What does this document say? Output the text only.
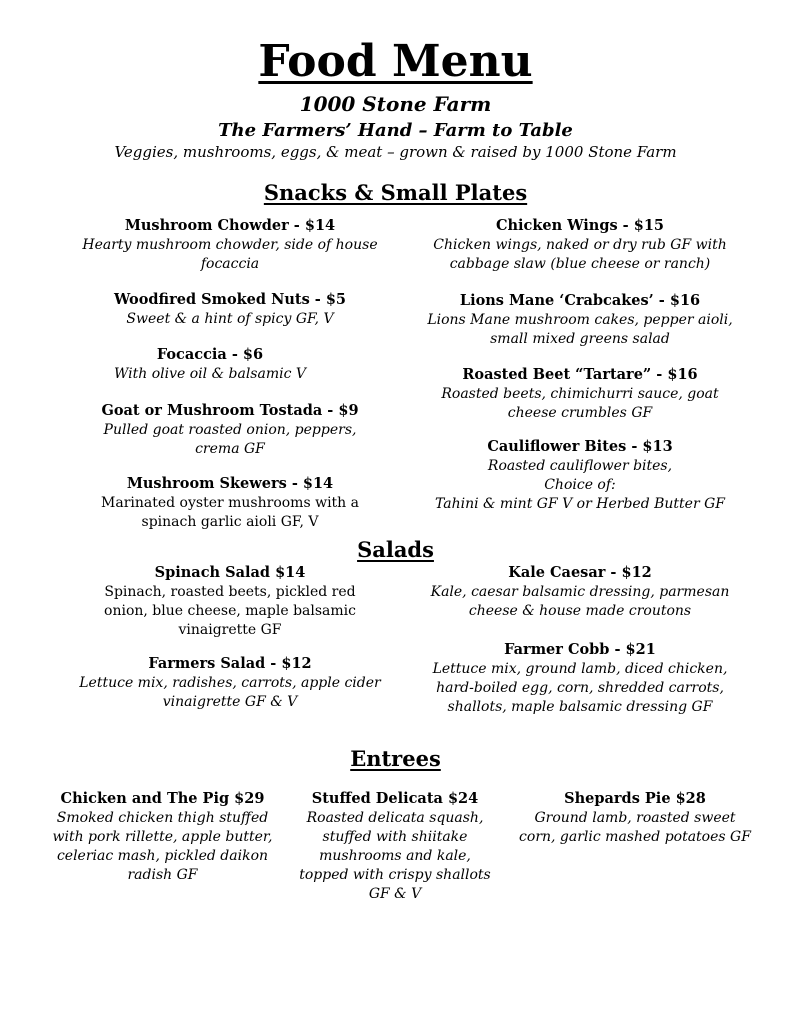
Food Menu
1000 Stone Farm
The Farmers’ Hand – Farm to Table
Veggies, mushrooms, eggs, & meat – grown & raised by 1000 Stone Farm
Snacks & Small Plates
Mushroom Chowder - $14
Hearty mushroom chowder, side of house
focaccia
Woodfired Smoked Nuts - $5
Sweet & a hint of spicy GF, V
Focaccia - $6
With olive oil & balsamic V
Goat or Mushroom Tostada - $9
Pulled goat roasted onion, peppers,
crema GF
Mushroom Skewers - $14
Marinated oyster mushrooms with a
spinach garlic aioli GF, V
Chicken Wings - $15
Chicken wings, naked or dry rub GF with
cabbage slaw (blue cheese or ranch)
Lions Mane ‘Crabcakes’ - $16
Lions Mane mushroom cakes, pepper aioli,
small mixed greens salad
Roasted Beet “Tartare” - $16
Roasted beets, chimichurri sauce, goat
cheese crumbles GF
Cauliflower Bites - $13
Roasted cauliflower bites,
Choice of:
Tahini & mint GF V or Herbed Butter GF
Salads
Spinach Salad $14
Spinach, roasted beets, pickled red
onion, blue cheese, maple balsamic
vinaigrette GF
Farmers Salad - $12
Lettuce mix, radishes, carrots, apple cider
vinaigrette GF & V
Kale Caesar - $12
Kale, caesar balsamic dressing, parmesan
cheese & house made croutons
Farmer Cobb - $21
Lettuce mix, ground lamb, diced chicken,
hard-boiled egg, corn, shredded carrots,
shallots, maple balsamic dressing GF
Entrees
Chicken and The Pig $29
Smoked chicken thigh stuffed
with pork rillette, apple butter,
celeriac mash, pickled daikon
radish GF
Stuffed Delicata $24
Roasted delicata squash,
stuffed with shiitake
mushrooms and kale,
topped with crispy shallots
GF & V
Shepards Pie $28
Ground lamb, roasted sweet
corn, garlic mashed potatoes GF
